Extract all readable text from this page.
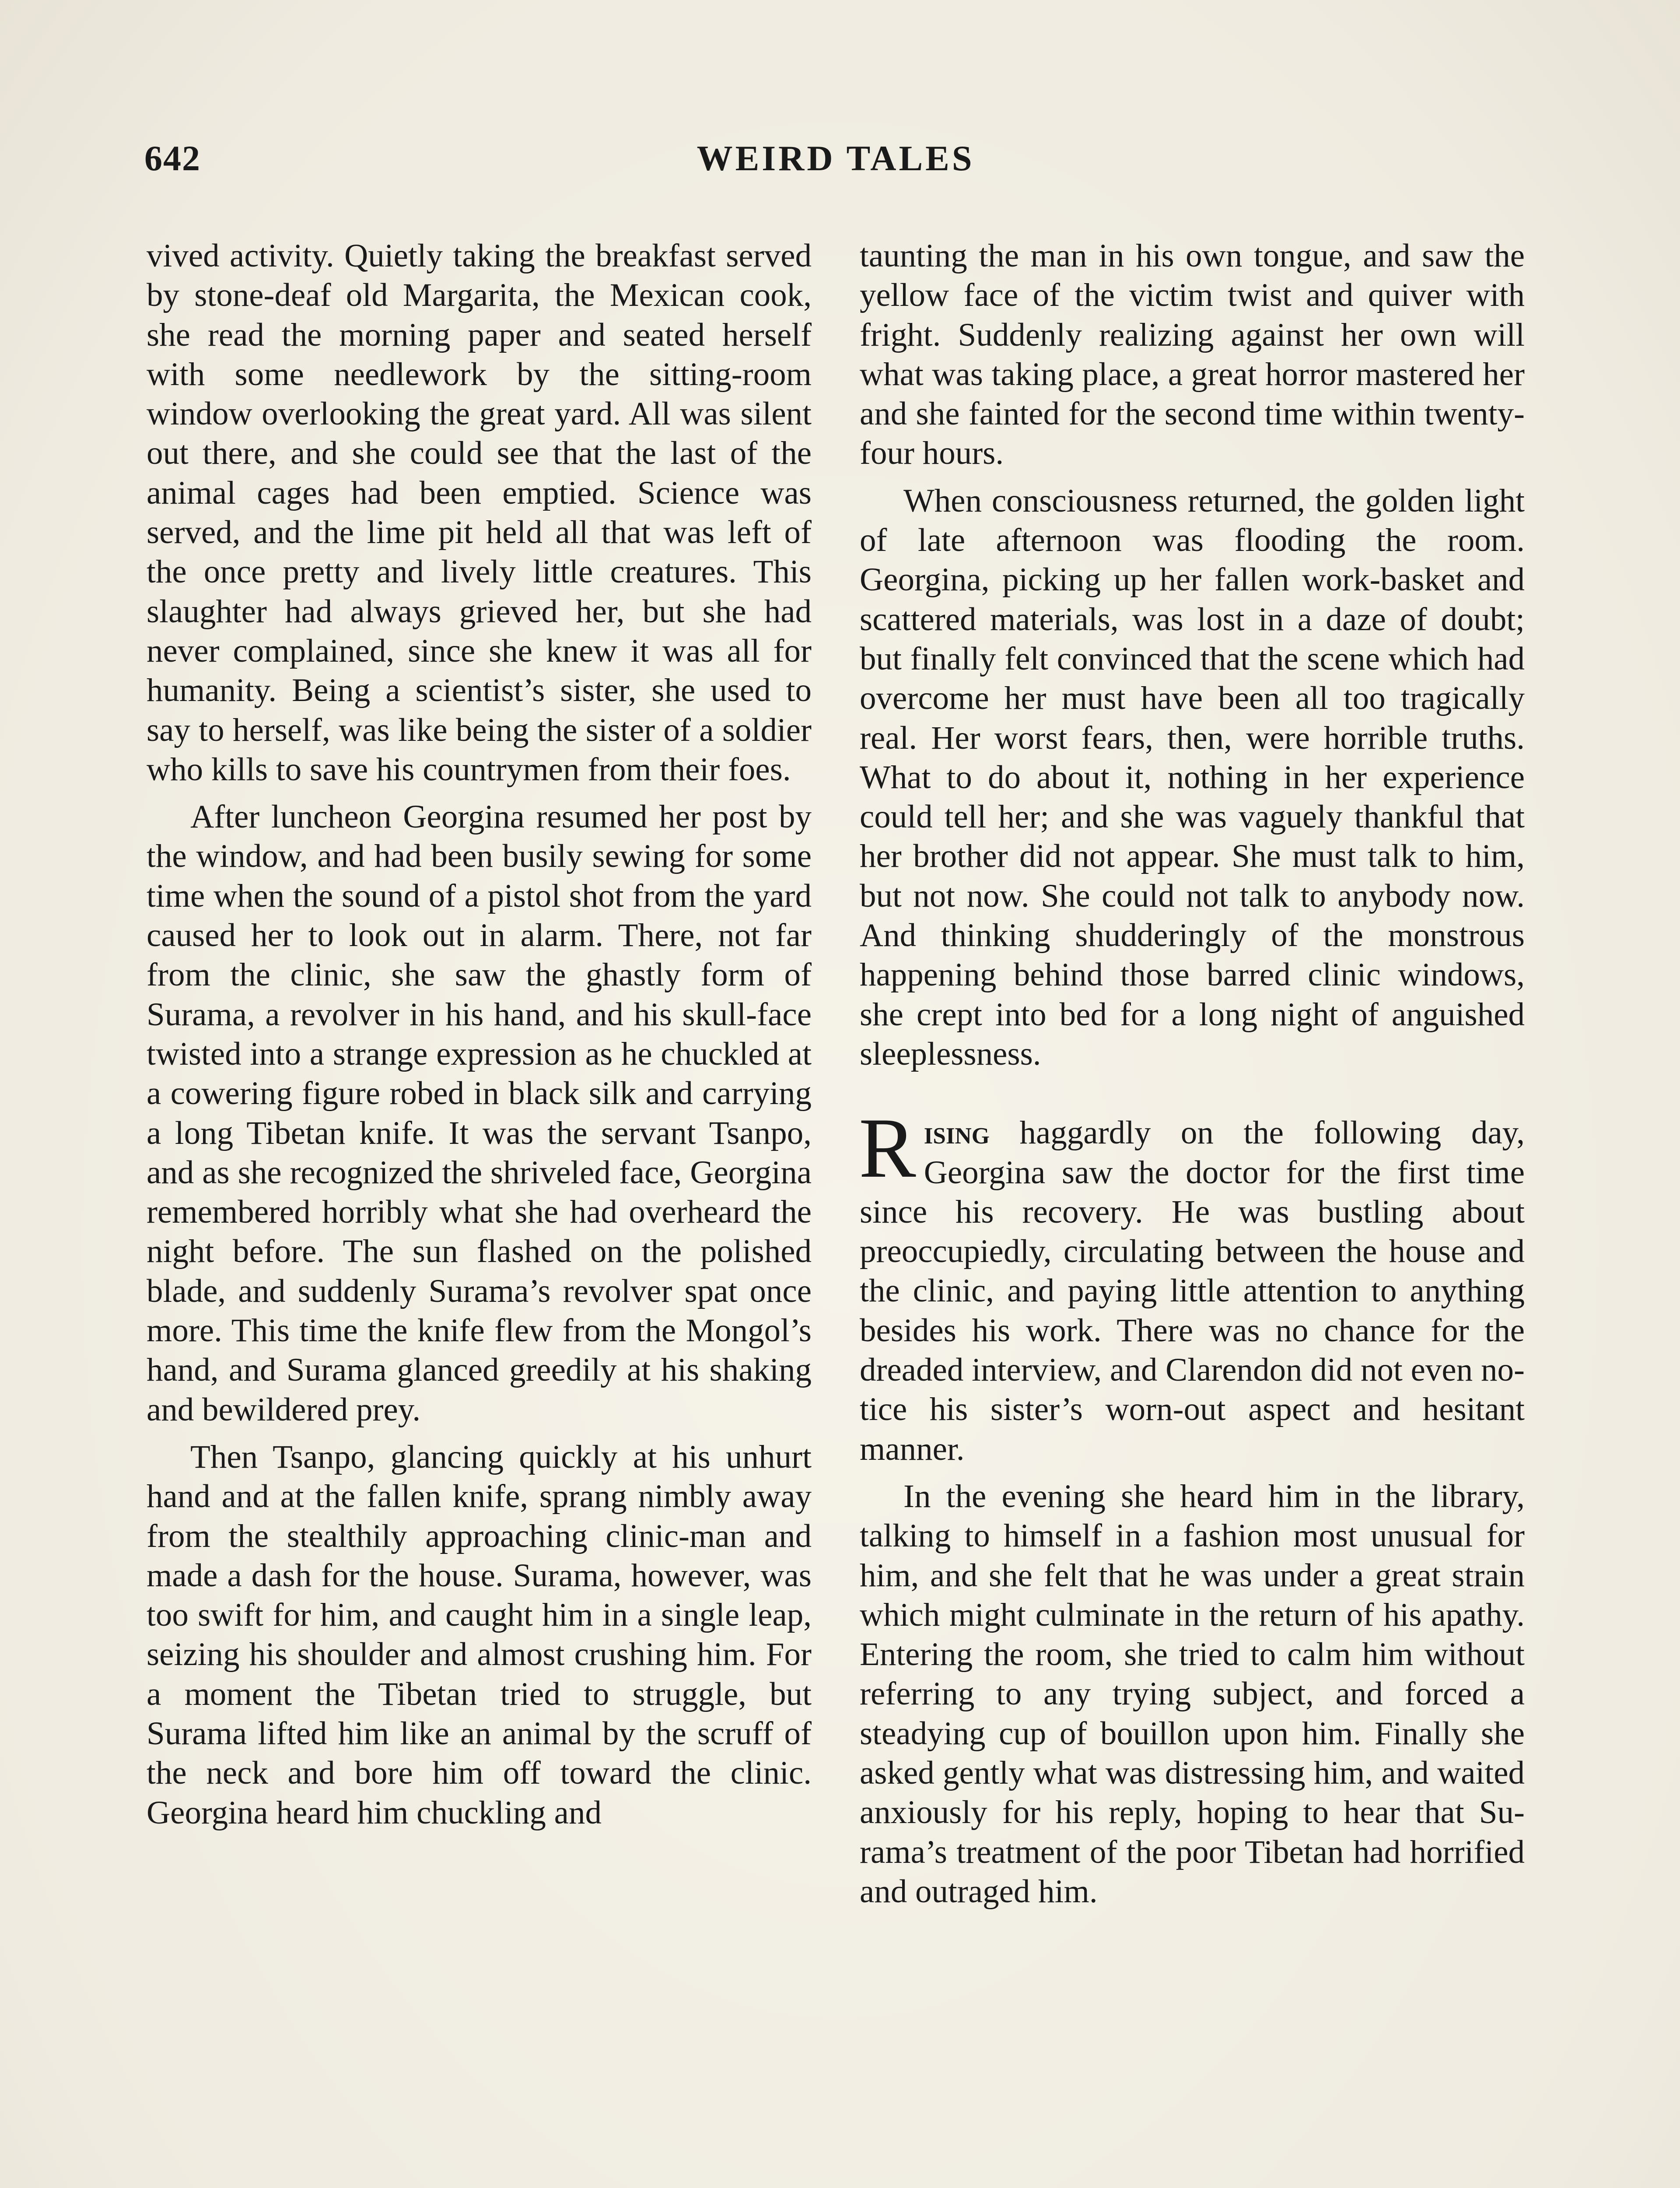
642	WEIRD TALES

vived activity. Quietly taking the breakfast served by stone-deaf old Margarita, the Mexican cook, she read the morning paper and seated herself with some needlework by the sitting-room window overlooking the great yard. All was silent out there, and she could see that the last of the animal cages had been emptied. Science was served, and the lime pit held all that was left of the once pretty and lively little creatures. This slaughter had always grieved her, but she had never complained, since she knew it was all for humanity. Being a scientist’s sister, she used to say to herself, was like being the sister of a soldier who kills to save his countrymen from their foes.

After luncheon Georgina resumed her post by the window, and had been busily sewing for some time when the sound of a pistol shot from the yard caused her to look out in alarm. There, not far from the clinic, she saw the ghastly form of Surama, a revolver in his hand, and his skull-face twisted into a strange expression as he chuckled at a cowering figure robed in black silk and carrying a long Tibetan knife. It was the servant Tsanpo, and as she recognized the shriveled face, Georgina remembered horribly what she had overheard the night before. The sun flashed on the polished blade, and suddenly Surama’s revolver spat once more. This time the knife flew from the Mongol’s hand, and Surama glanced greedily at his shaking and bewildered prey.

Then Tsanpo, glancing quickly at his unhurt hand and at the fallen knife, sprang nimbly away from the stealthily approaching clinic-man and made a dash for the house. Surama, however, was too swift for him, and caught him in a single leap, seizing his shoulder and almost crushing him. For a moment the Tibetan tried to struggle, but Surama lifted him like an animal by the scruff of the neck and bore him off toward the clinic. Georgina heard him chuckling and

taunting the man in his own tongue, and saw the yellow face of the victim twist and quiver with fright. Suddenly realizing against her own will what was taking place, a great horror mastered her and she fainted for the second time within twenty-four hours.

When consciousness returned, the golden light of late afternoon was flooding the room. Georgina, picking up her fallen work-basket and scattered materials, was lost in a daze of doubt; but finally felt convinced that the scene which had overcome her must have been all too tragically real. Her worst fears, then, were horrible truths. What to do about it, nothing in her experience could tell her; and she was vaguely thankful that her brother did not appear. She must talk to him, but not now. She could not talk to anybody now. And thinking shudderingly of the monstrous happening behind those barred clinic windows, she crept into bed for a long night of anguished sleeplessness.

Rising haggardly on the following day, Georgina saw the doctor for the first time since his recovery. He was bustling about preoccupiedly, circulating between the house and the clinic, and paying little attention to anything besides his work. There was no chance for the dreaded interview, and Clarendon did not even notice his sister’s worn-out aspect and hesitant manner.

In the evening she heard him in the library, talking to himself in a fashion most unusual for him, and she felt that he was under a great strain which might culminate in the return of his apathy. Entering the room, she tried to calm him without referring to any trying subject, and forced a steadying cup of bouillon upon him. Finally she asked gently what was distressing him, and waited anxiously for his reply, hoping to hear that Surama’s treatment of the poor Tibetan had horrified and outraged him.
